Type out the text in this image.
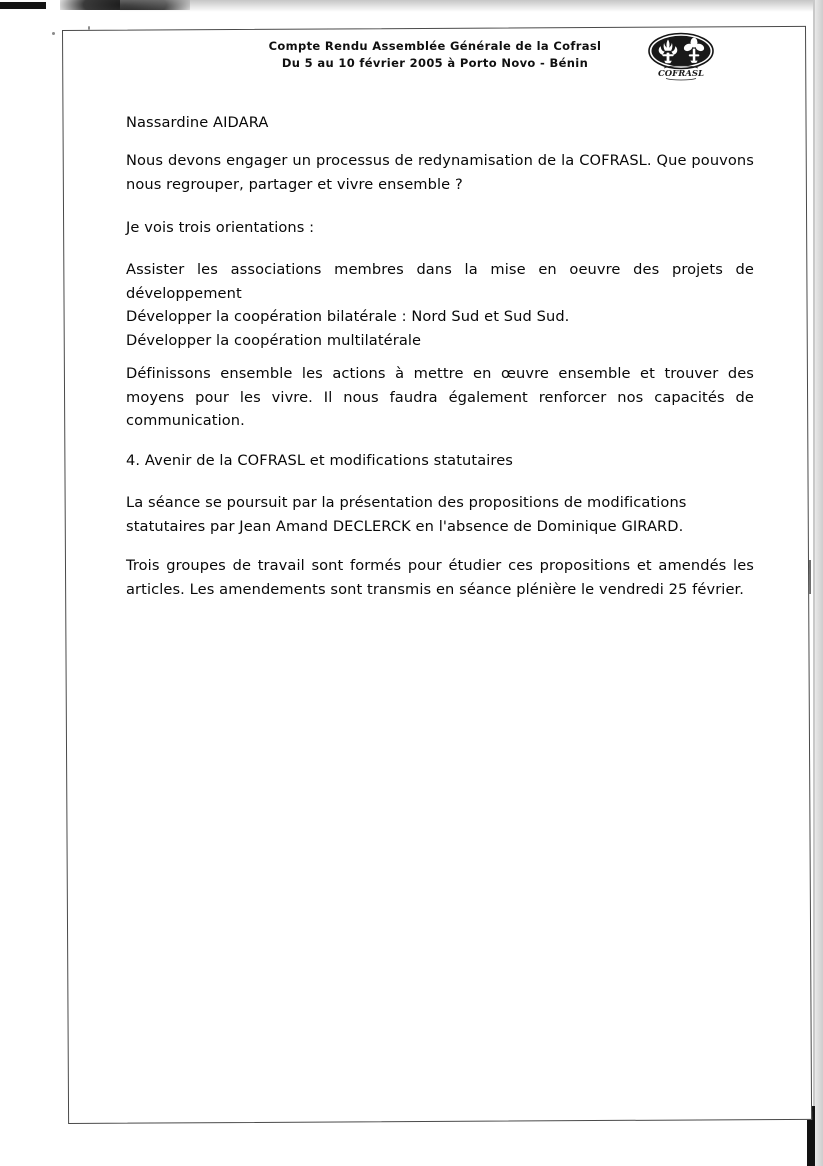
Compte Rendu Assemblée Générale de la Cofrasl
Du 5 au 10 février 2005 à Porto Novo - Bénin
COFRASL
Nassardine AIDARA
Nous devons engager un processus de redynamisation de la COFRASL. Que pouvons nous regrouper, partager et vivre ensemble ?
Je vois trois orientations :
Assister les associations membres dans la mise en oeuvre des projets de développement
Développer la coopération bilatérale : Nord Sud et Sud Sud.
Développer la coopération multilatérale
Définissons ensemble les actions à mettre en œuvre ensemble et trouver des moyens pour les vivre. Il nous faudra également renforcer nos capacités de communication.
4. Avenir de la COFRASL et modifications statutaires
La séance se poursuit par la présentation des propositions de modifications statutaires par Jean Amand DECLERCK en l'absence de Dominique GIRARD.
Trois groupes de travail sont formés pour étudier ces propositions et amendés les articles. Les amendements sont transmis en séance plénière le vendredi 25 février.
